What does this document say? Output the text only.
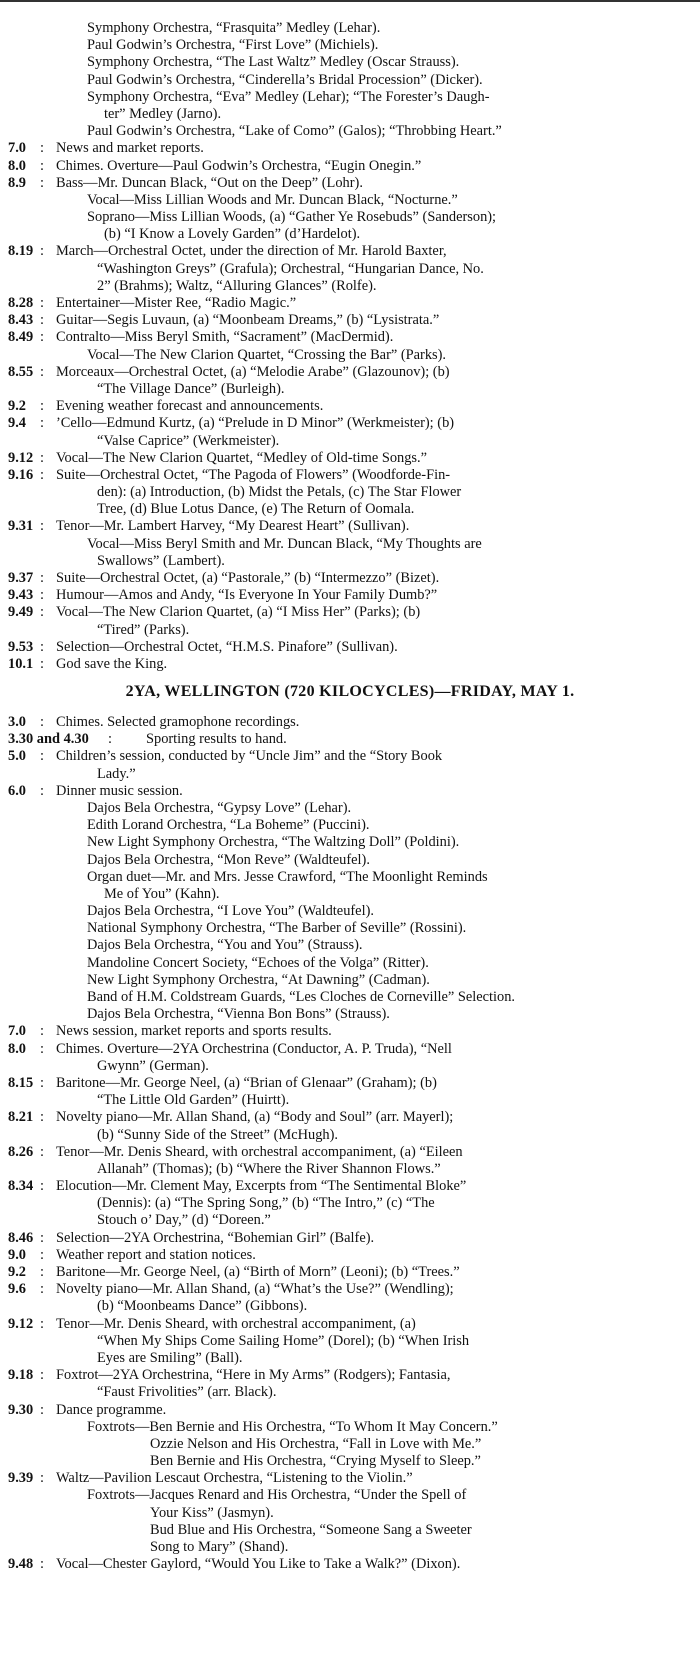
Symphony Orchestra, “Frasquita” Medley (Lehar).
Paul Godwin’s Orchestra, “First Love” (Michiels).
Symphony Orchestra, “The Last Waltz” Medley (Oscar Strauss).
Paul Godwin’s Orchestra, “Cinderella’s Bridal Procession” (Dicker).
Symphony Orchestra, “Eva” Medley (Lehar); “The Forester’s Daugh-
ter” Medley (Jarno).
Paul Godwin’s Orchestra, “Lake of Como” (Galos); “Throbbing Heart.”
7.0 : News and market reports.
8.0 : Chimes. Overture—Paul Godwin’s Orchestra, “Eugin Onegin.”
8.9 : Bass—Mr. Duncan Black, “Out on the Deep” (Lohr).
Vocal—Miss Lillian Woods and Mr. Duncan Black, “Nocturne.”
Soprano—Miss Lillian Woods, (a) “Gather Ye Rosebuds” (Sanderson);
(b) “I Know a Lovely Garden” (d’Hardelot).
8.19 : March—Orchestral Octet, under the direction of Mr. Harold Baxter,
“Washington Greys” (Grafula); Orchestral, “Hungarian Dance, No.
2” (Brahms); Waltz, “Alluring Glances” (Rolfe).
8.28 : Entertainer—Mister Ree, “Radio Magic.”
8.43 : Guitar—Segis Luvaun, (a) “Moonbeam Dreams,” (b) “Lysistrata.”
8.49 : Contralto—Miss Beryl Smith, “Sacrament” (MacDermid).
Vocal—The New Clarion Quartet, “Crossing the Bar” (Parks).
8.55 : Morceaux—Orchestral Octet, (a) “Melodie Arabe” (Glazounov); (b)
“The Village Dance” (Burleigh).
9.2 : Evening weather forecast and announcements.
9.4 : ’Cello—Edmund Kurtz, (a) “Prelude in D Minor” (Werkmeister); (b)
“Valse Caprice” (Werkmeister).
9.12 : Vocal—The New Clarion Quartet, “Medley of Old-time Songs.”
9.16 : Suite—Orchestral Octet, “The Pagoda of Flowers” (Woodforde-Fin-
den): (a) Introduction, (b) Midst the Petals, (c) The Star Flower
Tree, (d) Blue Lotus Dance, (e) The Return of Oomala.
9.31 : Tenor—Mr. Lambert Harvey, “My Dearest Heart” (Sullivan).
Vocal—Miss Beryl Smith and Mr. Duncan Black, “My Thoughts are
Swallows” (Lambert).
9.37 : Suite—Orchestral Octet, (a) “Pastorale,” (b) “Intermezzo” (Bizet).
9.43 : Humour—Amos and Andy, “Is Everyone In Your Family Dumb?”
9.49 : Vocal—The New Clarion Quartet, (a) “I Miss Her” (Parks); (b)
“Tired” (Parks).
9.53 : Selection—Orchestral Octet, “H.M.S. Pinafore” (Sullivan).
10.1 : God save the King.
2YA, WELLINGTON (720 KILOCYCLES)—FRIDAY, MAY 1.
3.0 : Chimes. Selected gramophone recordings.
3.30 and 4.30 : Sporting results to hand.
5.0 : Children’s session, conducted by “Uncle Jim” and the “Story Book
Lady.”
6.0 : Dinner music session.
Dajos Bela Orchestra, “Gypsy Love” (Lehar).
Edith Lorand Orchestra, “La Boheme” (Puccini).
New Light Symphony Orchestra, “The Waltzing Doll” (Poldini).
Dajos Bela Orchestra, “Mon Reve” (Waldteufel).
Organ duet—Mr. and Mrs. Jesse Crawford, “The Moonlight Reminds
Me of You” (Kahn).
Dajos Bela Orchestra, “I Love You” (Waldteufel).
National Symphony Orchestra, “The Barber of Seville” (Rossini).
Dajos Bela Orchestra, “You and You” (Strauss).
Mandoline Concert Society, “Echoes of the Volga” (Ritter).
New Light Symphony Orchestra, “At Dawning” (Cadman).
Band of H.M. Coldstream Guards, “Les Cloches de Corneville” Selection.
Dajos Bela Orchestra, “Vienna Bon Bons” (Strauss).
7.0 : News session, market reports and sports results.
8.0 : Chimes. Overture—2YA Orchestrina (Conductor, A. P. Truda), “Nell
Gwynn” (German).
8.15 : Baritone—Mr. George Neel, (a) “Brian of Glenaar” (Graham); (b)
“The Little Old Garden” (Huirtt).
8.21 : Novelty piano—Mr. Allan Shand, (a) “Body and Soul” (arr. Mayerl);
(b) “Sunny Side of the Street” (McHugh).
8.26 : Tenor—Mr. Denis Sheard, with orchestral accompaniment, (a) “Eileen
Allanah” (Thomas); (b) “Where the River Shannon Flows.”
8.34 : Elocution—Mr. Clement May, Excerpts from “The Sentimental Bloke”
(Dennis): (a) “The Spring Song,” (b) “The Intro,” (c) “The
Stouch o’ Day,” (d) “Doreen.”
8.46 : Selection—2YA Orchestrina, “Bohemian Girl” (Balfe).
9.0 : Weather report and station notices.
9.2 : Baritone—Mr. George Neel, (a) “Birth of Morn” (Leoni); (b) “Trees.”
9.6 : Novelty piano—Mr. Allan Shand, (a) “What’s the Use?” (Wendling);
(b) “Moonbeams Dance” (Gibbons).
9.12 : Tenor—Mr. Denis Sheard, with orchestral accompaniment, (a)
“When My Ships Come Sailing Home” (Dorel); (b) “When Irish
Eyes are Smiling” (Ball).
9.18 : Foxtrot—2YA Orchestrina, “Here in My Arms” (Rodgers); Fantasia,
“Faust Frivolities” (arr. Black).
9.30 : Dance programme.
Foxtrots—Ben Bernie and His Orchestra, “To Whom It May Concern.”
Ozzie Nelson and His Orchestra, “Fall in Love with Me.”
Ben Bernie and His Orchestra, “Crying Myself to Sleep.”
9.39 : Waltz—Pavilion Lescaut Orchestra, “Listening to the Violin.”
Foxtrots—Jacques Renard and His Orchestra, “Under the Spell of
Your Kiss” (Jasmyn).
Bud Blue and His Orchestra, “Someone Sang a Sweeter
Song to Mary” (Shand).
9.48 : Vocal—Chester Gaylord, “Would You Like to Take a Walk?” (Dixon).
